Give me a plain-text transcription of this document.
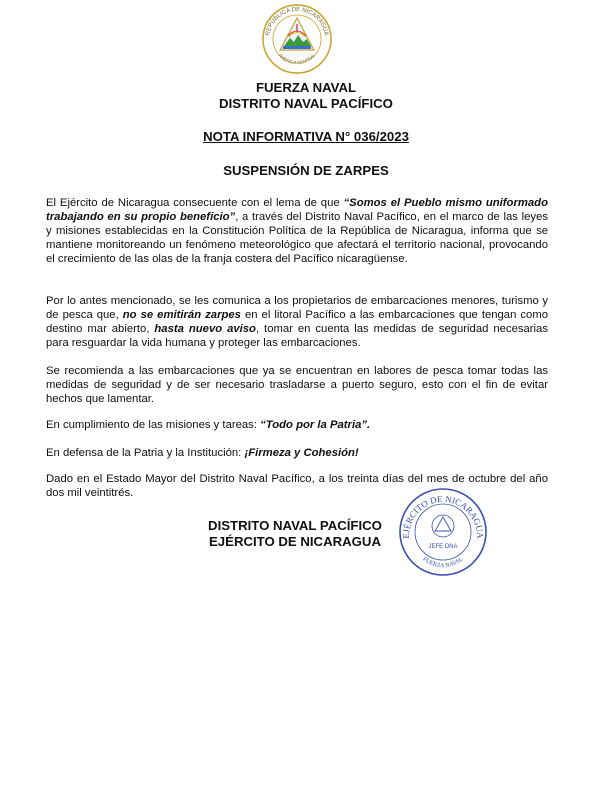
REPÚBLICA DE NICARAGUA
AMERICA CENTRAL
FUERZA NAVAL
DISTRITO NAVAL PACÍFICO
NOTA INFORMATIVA N° 036/2023
SUSPENSIÓN DE ZARPES
El Ejército de Nicaragua consecuente con el lema de que “Somos el Pueblo mismo uniformado trabajando en su propio beneficio”, a través del Distrito Naval Pacífico, en el marco de las leyes y misiones establecidas en la Constitución Política de la República de Nicaragua, informa que se mantiene monitoreando un fenómeno meteorológico que afectará el territorio nacional, provocando el crecimiento de las olas de la franja costera del Pacífico nicaragüense.
Por lo antes mencionado, se les comunica a los propietarios de embarcaciones menores, turismo y de pesca que, no se emitirán zarpes en el litoral Pacífico a las embarcaciones que tengan como destino mar abierto, hasta nuevo aviso, tomar en cuenta las medidas de seguridad necesarias para resguardar la vida humana y proteger las embarcaciones.
Se recomienda a las embarcaciones que ya se encuentran en labores de pesca tomar todas las medidas de seguridad y de ser necesario trasladarse a puerto seguro, esto con el fin de evitar hechos que lamentar.
En cumplimiento de las misiones y tareas: “Todo por la Patria”.
En defensa de la Patria y la Institución: ¡Firmeza y Cohesión!
Dado en el Estado Mayor del Distrito Naval Pacífico, a los treinta días del mes de octubre del año dos mil veintitrés.
DISTRITO NAVAL PACÍFICO
EJÉRCITO DE NICARAGUA	EJÉRCITO DE NICARAGUA
FUERZA NAVAL
JEFE DNA
